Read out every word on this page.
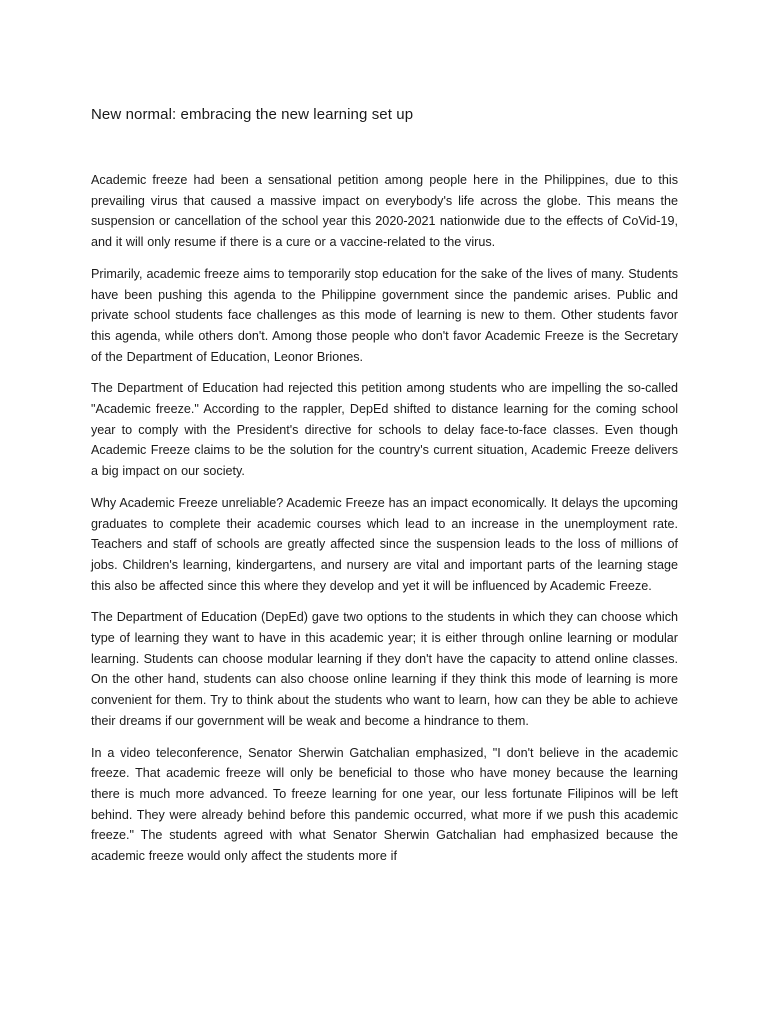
New normal: embracing the new learning set up

Academic freeze had been a sensational petition among people here in the Philippines, due to this prevailing virus that caused a massive impact on everybody's life across the globe. This means the suspension or cancellation of the school year this 2020-2021 nationwide due to the effects of CoVid-19, and it will only resume if there is a cure or a vaccine-related to the virus.

Primarily, academic freeze aims to temporarily stop education for the sake of the lives of many. Students have been pushing this agenda to the Philippine government since the pandemic arises. Public and private school students face challenges as this mode of learning is new to them. Other students favor this agenda, while others don't. Among those people who don't favor Academic Freeze is the Secretary of the Department of Education, Leonor Briones.

The Department of Education had rejected this petition among students who are impelling the so-called "Academic freeze." According to the rappler, DepEd shifted to distance learning for the coming school year to comply with the President's directive for schools to delay face-to-face classes. Even though Academic Freeze claims to be the solution for the country's current situation, Academic Freeze delivers a big impact on our society.

Why Academic Freeze unreliable? Academic Freeze has an impact economically. It delays the upcoming graduates to complete their academic courses which lead to an increase in the unemployment rate. Teachers and staff of schools are greatly affected since the suspension leads to the loss of millions of jobs. Children's learning, kindergartens, and nursery are vital and important parts of the learning stage this also be affected since this where they develop and yet it will be influenced by Academic Freeze.

The Department of Education (DepEd) gave two options to the students in which they can choose which type of learning they want to have in this academic year; it is either through online learning or modular learning. Students can choose modular learning if they don't have the capacity to attend online classes. On the other hand, students can also choose online learning if they think this mode of learning is more convenient for them. Try to think about the students who want to learn, how can they be able to achieve their dreams if our government will be weak and become a hindrance to them.

In a video teleconference, Senator Sherwin Gatchalian emphasized, "I don't believe in the academic freeze. That academic freeze will only be beneficial to those who have money because the learning there is much more advanced. To freeze learning for one year, our less fortunate Filipinos will be left behind. They were already behind before this pandemic occurred, what more if we push this academic freeze." The students agreed with what Senator Sherwin Gatchalian had emphasized because the academic freeze would only affect the students more if
